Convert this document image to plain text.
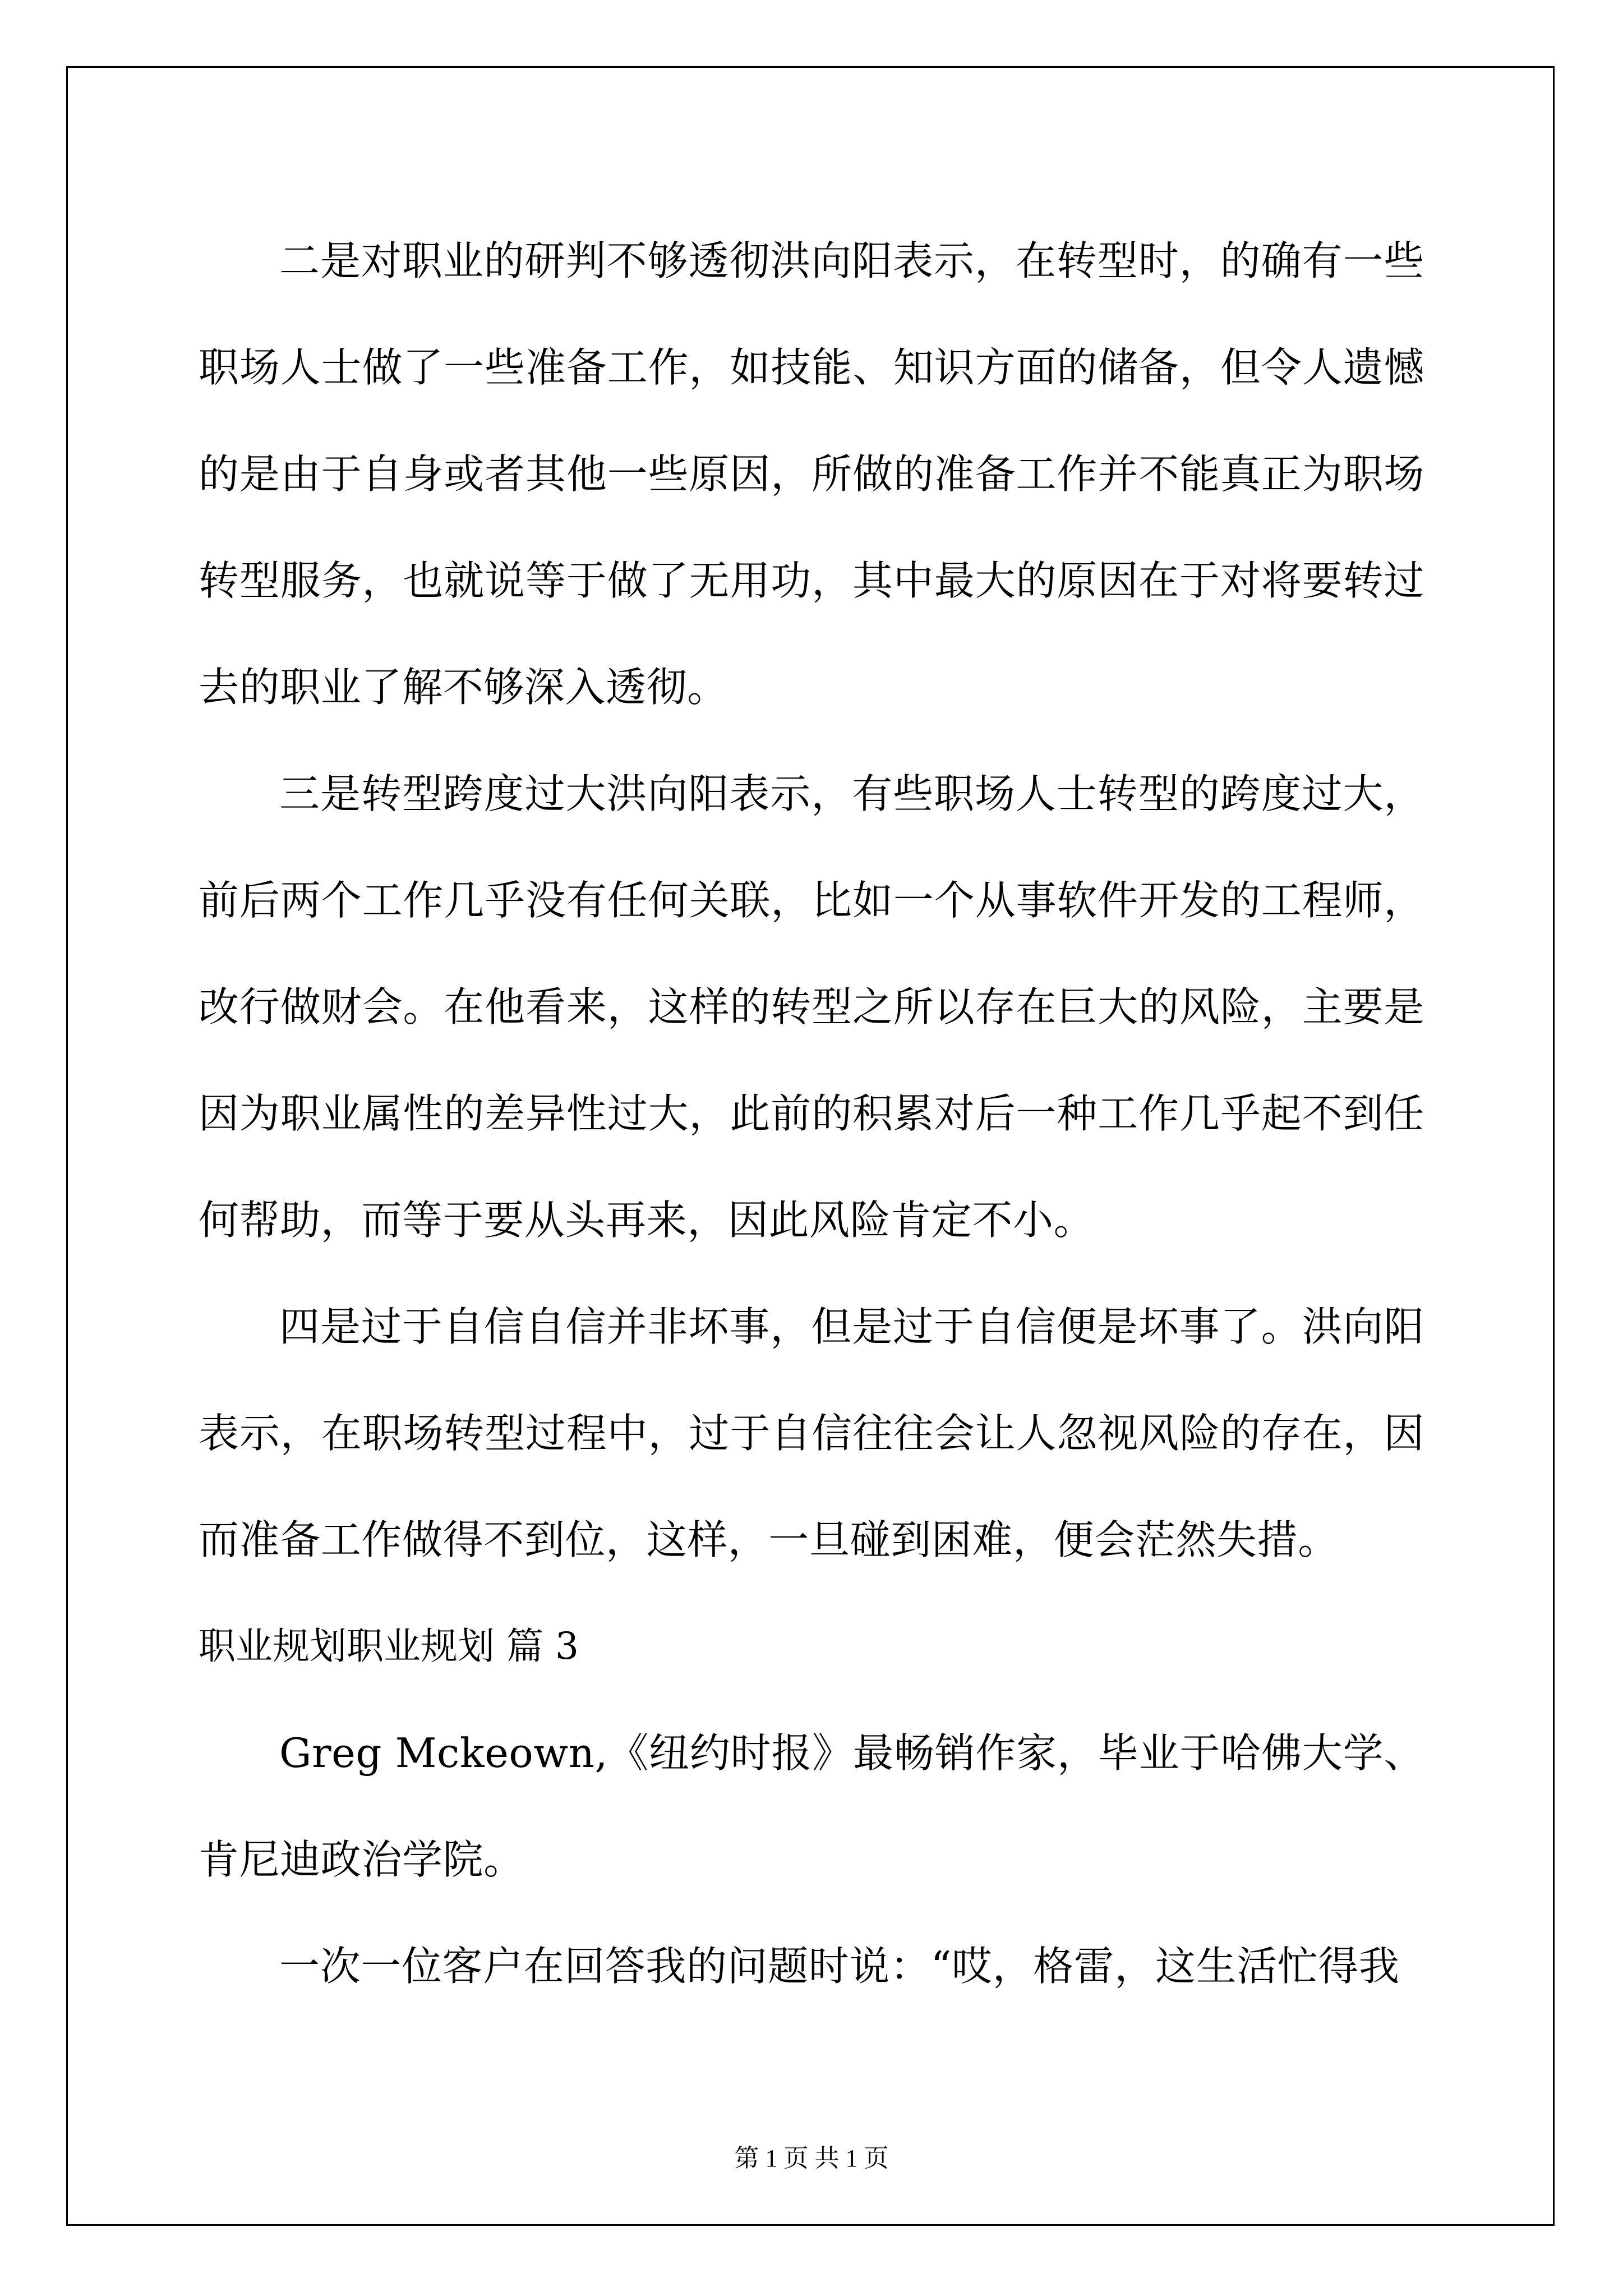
二是对职业的研判不够透彻洪向阳表示，在转型时，的确有一些职场人士做了一些准备工作，如技能、知识方面的储备，但令人遗憾的是由于自身或者其他一些原因，所做的准备工作并不能真正为职场转型服务，也就说等于做了无用功，其中最大的原因在于对将要转过去的职业了解不够深入透彻。

三是转型跨度过大洪向阳表示，有些职场人士转型的跨度过大，前后两个工作几乎没有任何关联，比如一个从事软件开发的工程师，改行做财会。在他看来，这样的转型之所以存在巨大的风险，主要是因为职业属性的差异性过大，此前的积累对后一种工作几乎起不到任何帮助，而等于要从头再来，因此风险肯定不小。

四是过于自信自信并非坏事，但是过于自信便是坏事了。洪向阳表示，在职场转型过程中，过于自信往往会让人忽视风险的存在，因而准备工作做得不到位，这样，一旦碰到困难，便会茫然失措。

职业规划职业规划 篇 3

Greg Mckeown,《纽约时报》最畅销作家，毕业于哈佛大学、肯尼迪政治学院。

一次一位客户在回答我的问题时说：“哎，格雷，这生活忙得我

第 1 页 共 1 页
